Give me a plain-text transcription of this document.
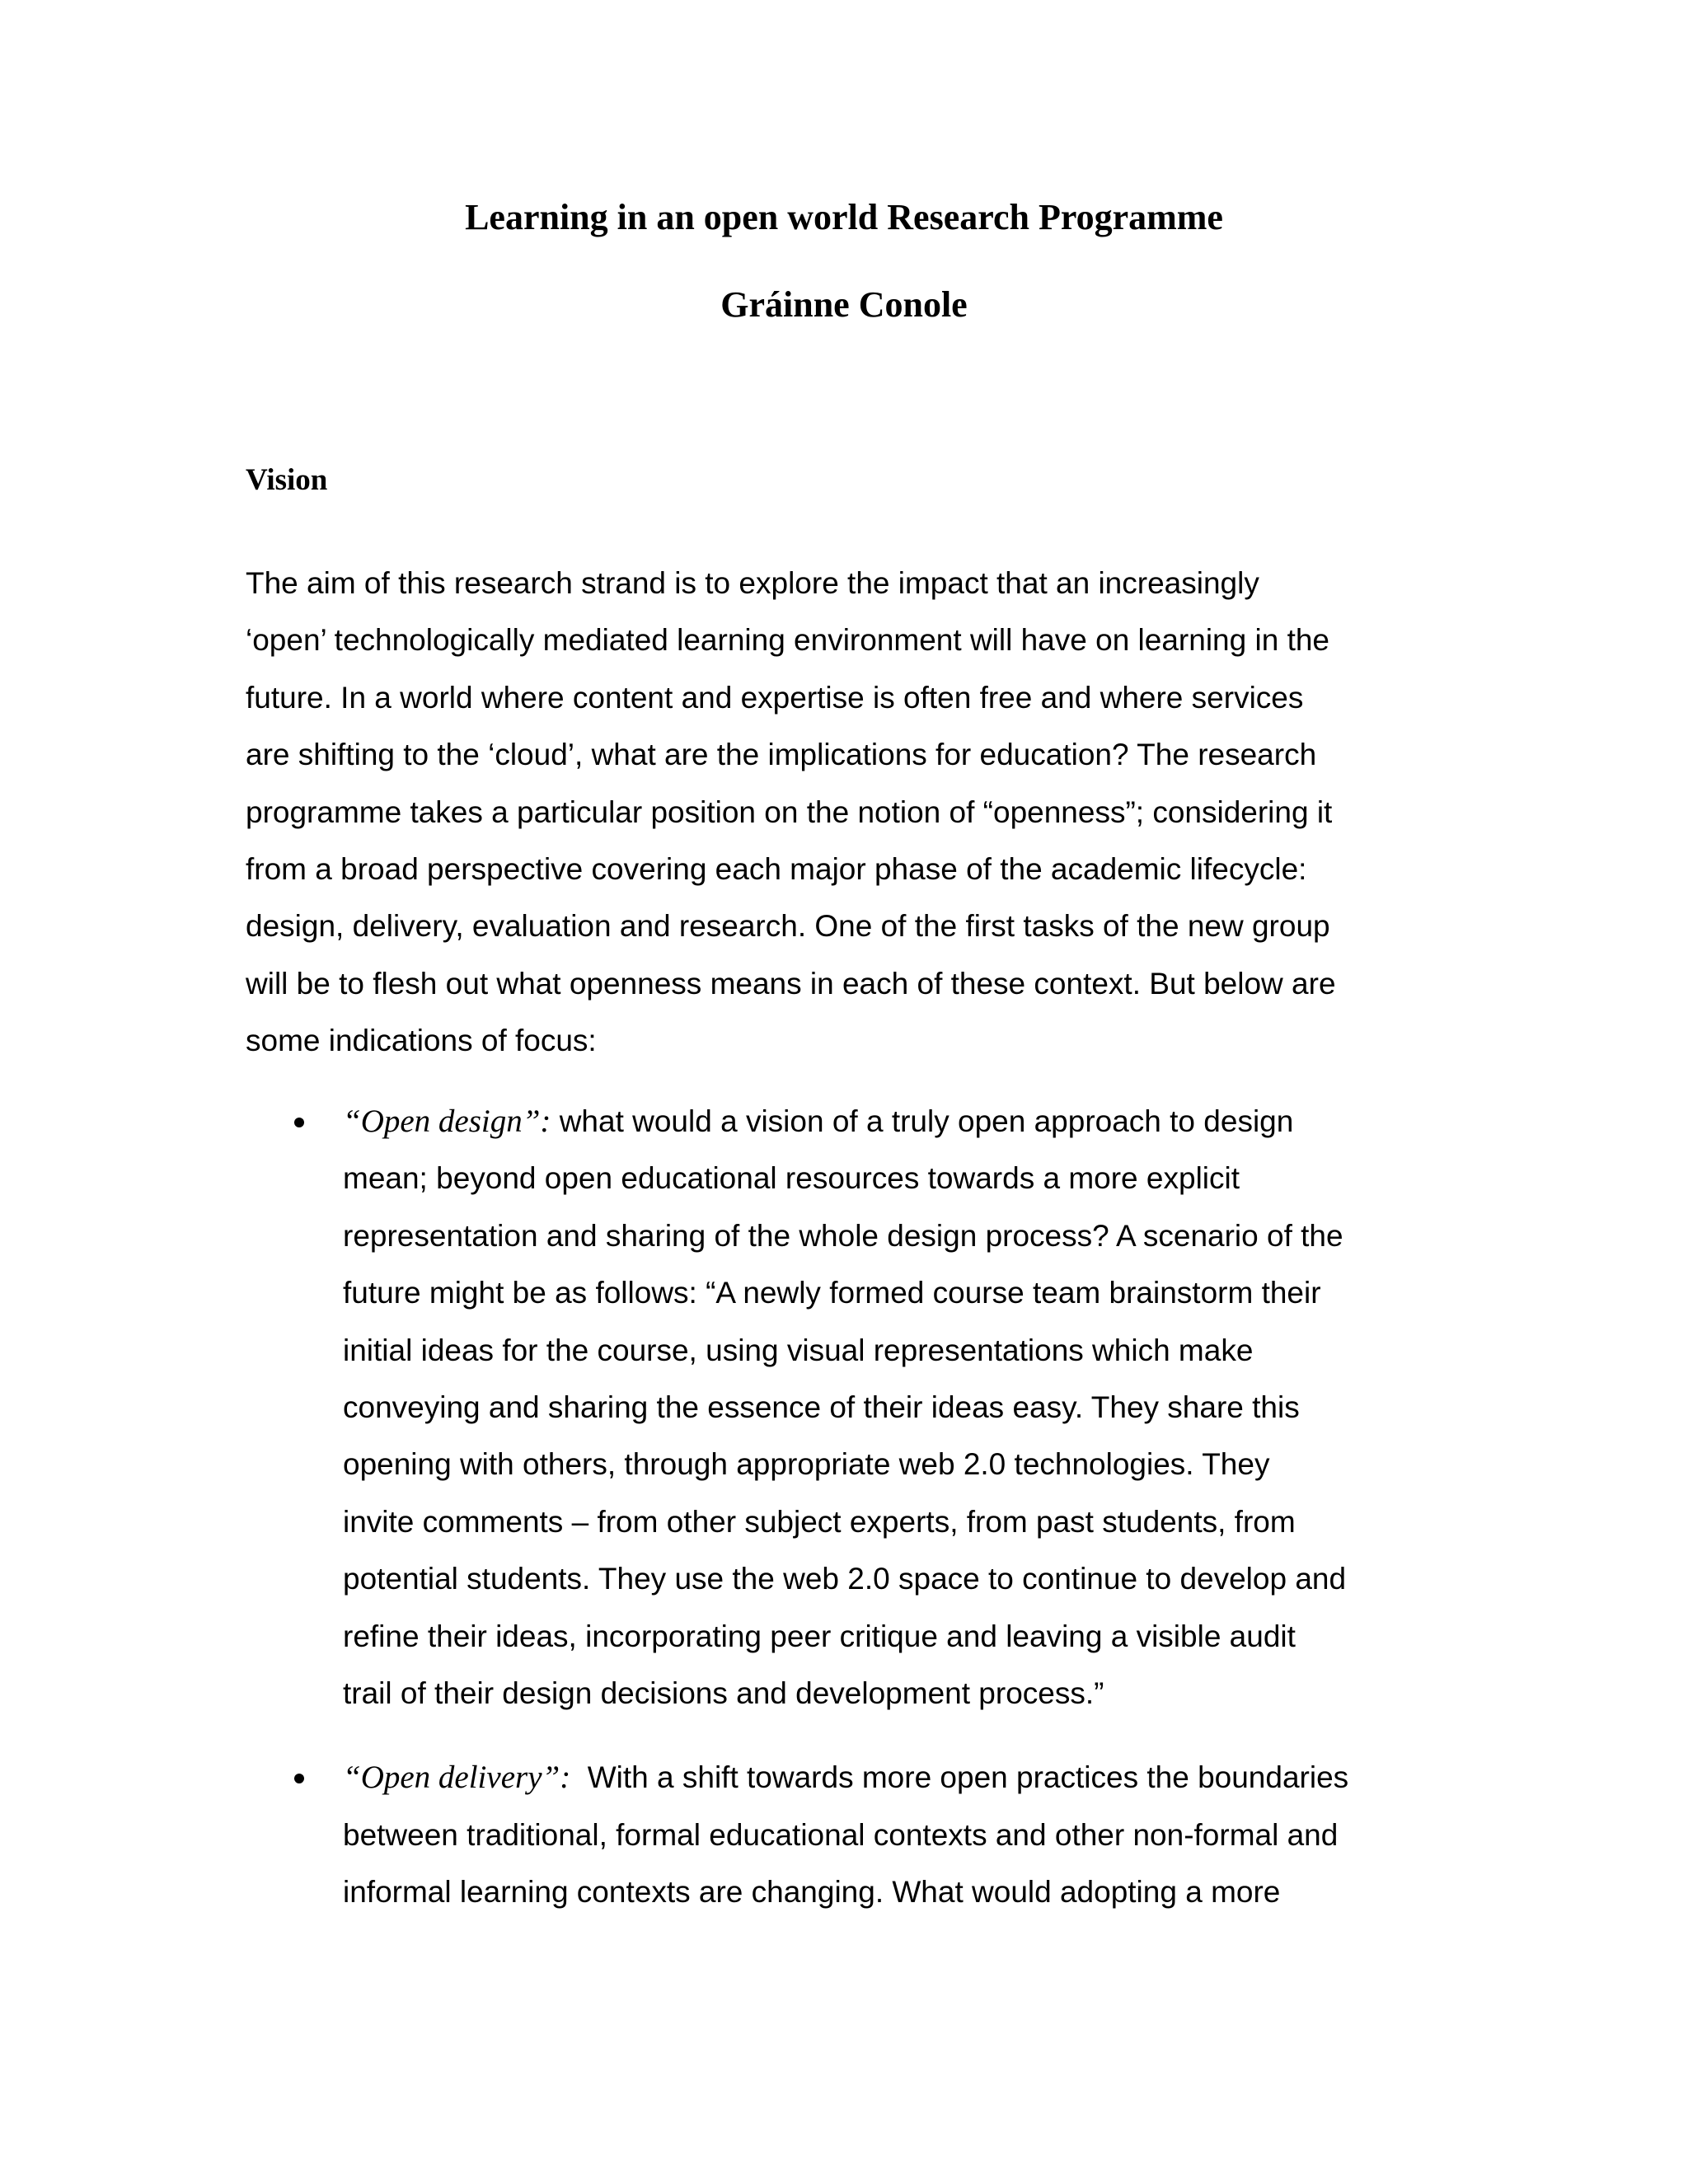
Learning in an open world Research Programme
Gráinne Conole
Vision

The aim of this research strand is to explore the impact that an increasingly
‘open’ technologically mediated learning environment will have on learning in the
future. In a world where content and expertise is often free and where services
are shifting to the ‘cloud’, what are the implications for education? The research
programme takes a particular position on the notion of “openness”; considering it
from a broad perspective covering each major phase of the academic lifecycle:
design, delivery, evaluation and research. One of the first tasks of the new group
will be to flesh out what openness means in each of these context. But below are
some indications of focus:

“Open design”: what would a vision of a truly open approach to design
mean; beyond open educational resources towards a more explicit
representation and sharing of the whole design process? A scenario of the
future might be as follows: “A newly formed course team brainstorm their
initial ideas for the course, using visual representations which make
conveying and sharing the essence of their ideas easy. They share this
opening with others, through appropriate web 2.0 technologies. They
invite comments – from other subject experts, from past students, from
potential students. They use the web 2.0 space to continue to develop and
refine their ideas, incorporating peer critique and leaving a visible audit
trail of their design decisions and development process.”
“Open delivery”:  With a shift towards more open practices the boundaries
between traditional, formal educational contexts and other non-formal and
informal learning contexts are changing. What would adopting a more
